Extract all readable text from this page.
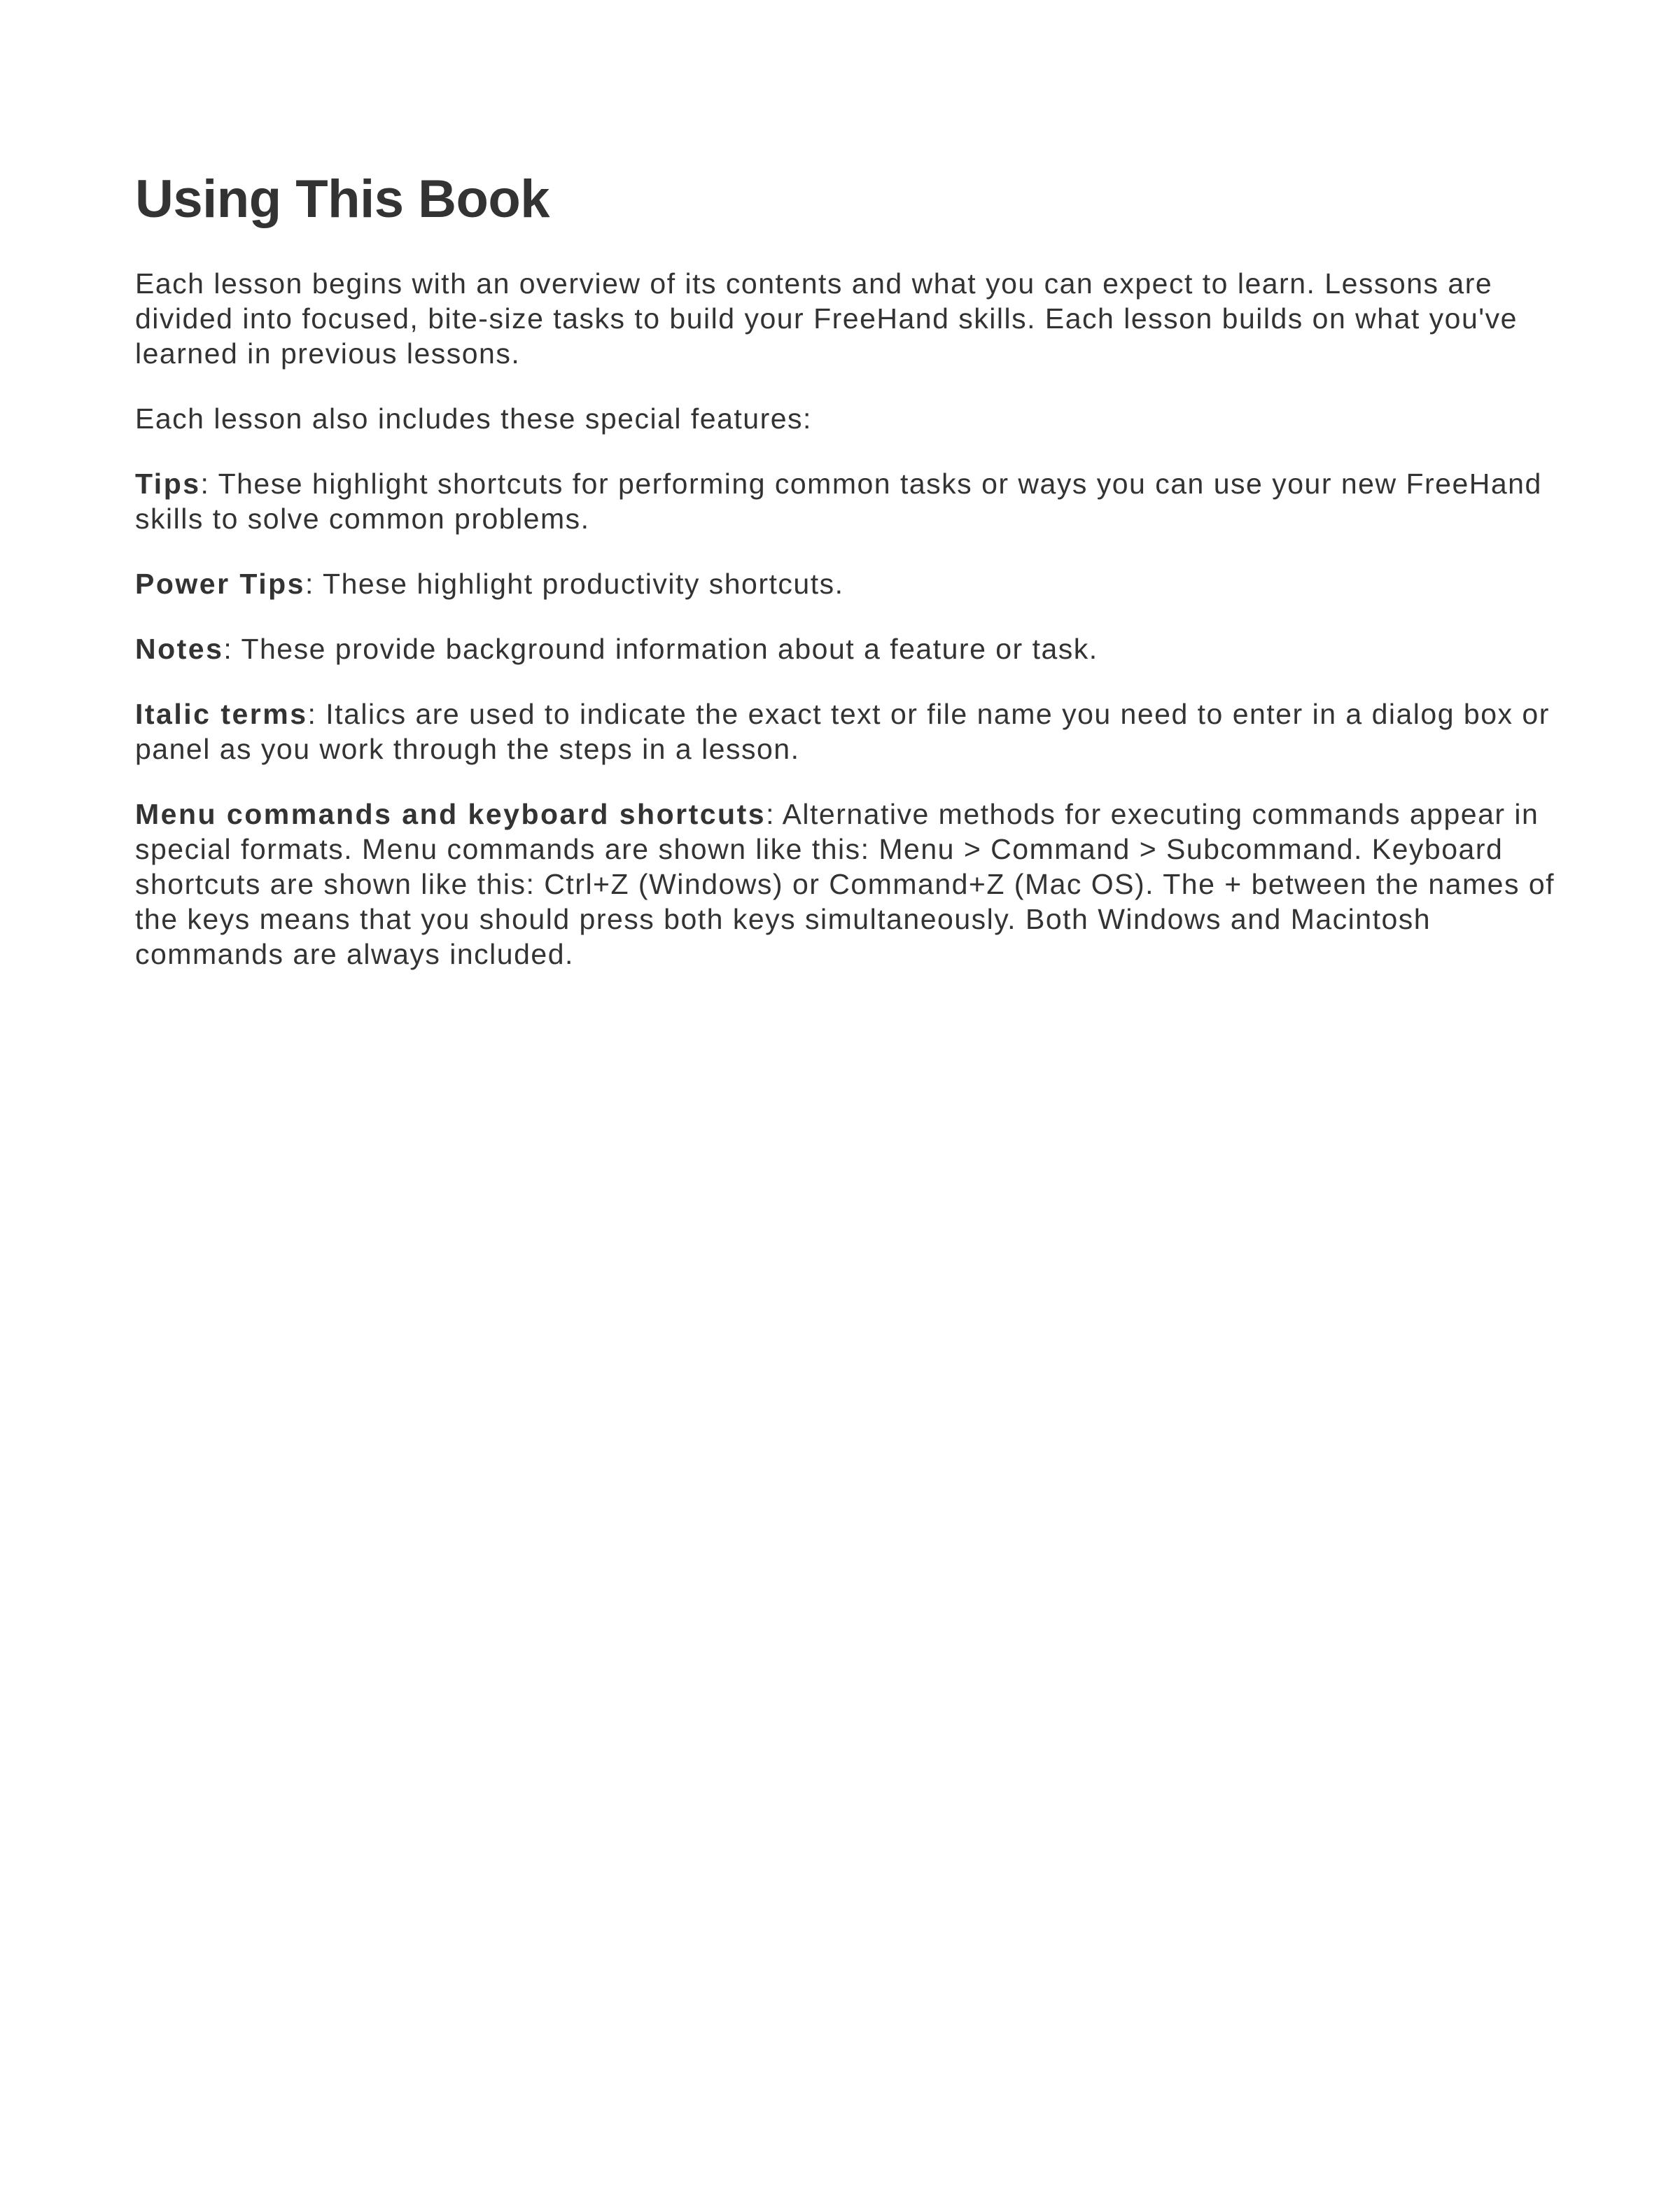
Using This Book

Each lesson begins with an overview of its contents and what you can expect to learn. Lessons are divided into focused, bite-size tasks to build your FreeHand skills. Each lesson builds on what you've learned in previous lessons.

Each lesson also includes these special features:

Tips: These highlight shortcuts for performing common tasks or ways you can use your new FreeHand skills to solve common problems.

Power Tips: These highlight productivity shortcuts.

Notes: These provide background information about a feature or task.

Italic terms: Italics are used to indicate the exact text or file name you need to enter in a dialog box or panel as you work through the steps in a lesson.

Menu commands and keyboard shortcuts: Alternative methods for executing commands appear in special formats. Menu commands are shown like this: Menu > Command > Subcommand. Keyboard shortcuts are shown like this: Ctrl+Z (Windows) or Command+Z (Mac OS). The + between the names of the keys means that you should press both keys simultaneously. Both Windows and Macintosh commands are always included.
